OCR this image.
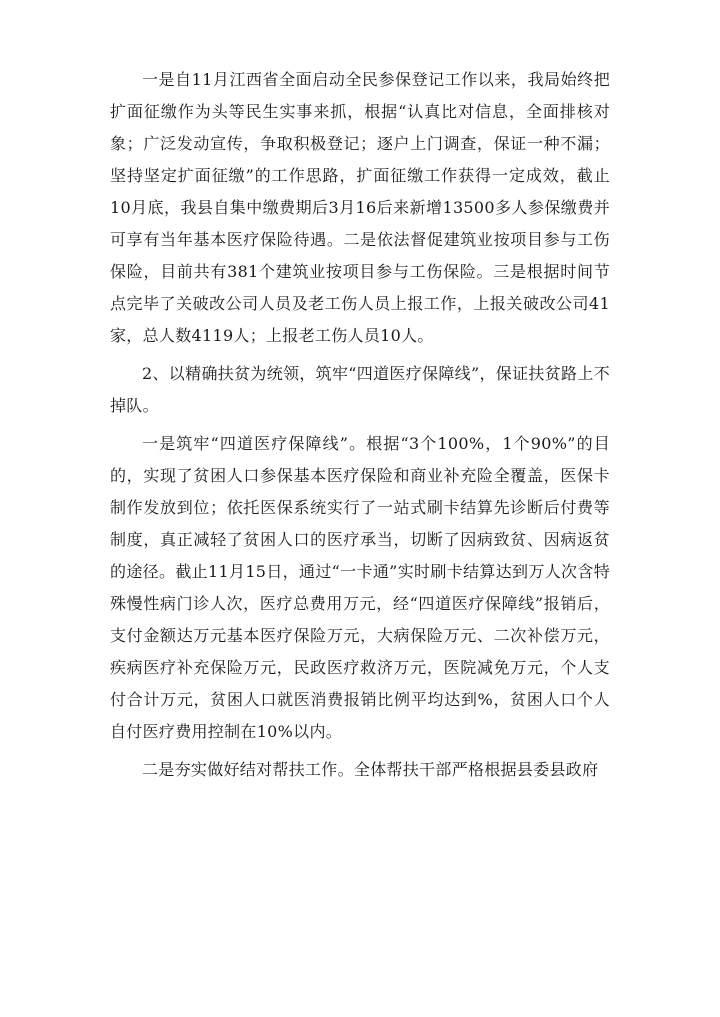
一是自11月江西省全面启动全民参保登记工作以来，我局始终把扩面征缴作为头等民生实事来抓，根据“认真比对信息，全面排核对象；广泛发动宣传，争取积极登记；逐户上门调查，保证一种不漏；坚持坚定扩面征缴”的工作思路，扩面征缴工作获得一定成效，截止10月底，我县自集中缴费期后3月16后来新增13500多人参保缴费并可享有当年基本医疗保险待遇。二是依法督促建筑业按项目参与工伤保险，目前共有381个建筑业按项目参与工伤保险。三是根据时间节点完毕了关破改公司人员及老工伤人员上报工作，上报关破改公司41家，总人数4119人；上报老工伤人员10人。

2、以精确扶贫为统领，筑牢“四道医疗保障线”，保证扶贫路上不掉队。

一是筑牢“四道医疗保障线”。根据“3个100%，1个90%”的目的，实现了贫困人口参保基本医疗保险和商业补充险全覆盖，医保卡制作发放到位；依托医保系统实行了一站式刷卡结算先诊断后付费等制度，真正减轻了贫困人口的医疗承当，切断了因病致贫、因病返贫的途径。截止11月15日，通过“一卡通”实时刷卡结算达到万人次含特殊慢性病门诊人次，医疗总费用万元，经“四道医疗保障线”报销后，支付金额达万元基本医疗保险万元，大病保险万元、二次补偿万元，疾病医疗补充保险万元，民政医疗救济万元，医院减免万元，个人支付合计万元，贫困人口就医消费报销比例平均达到%，贫困人口个人自付医疗费用控制在10%以内。

二是夯实做好结对帮扶工作。全体帮扶干部严格根据县委县政府
